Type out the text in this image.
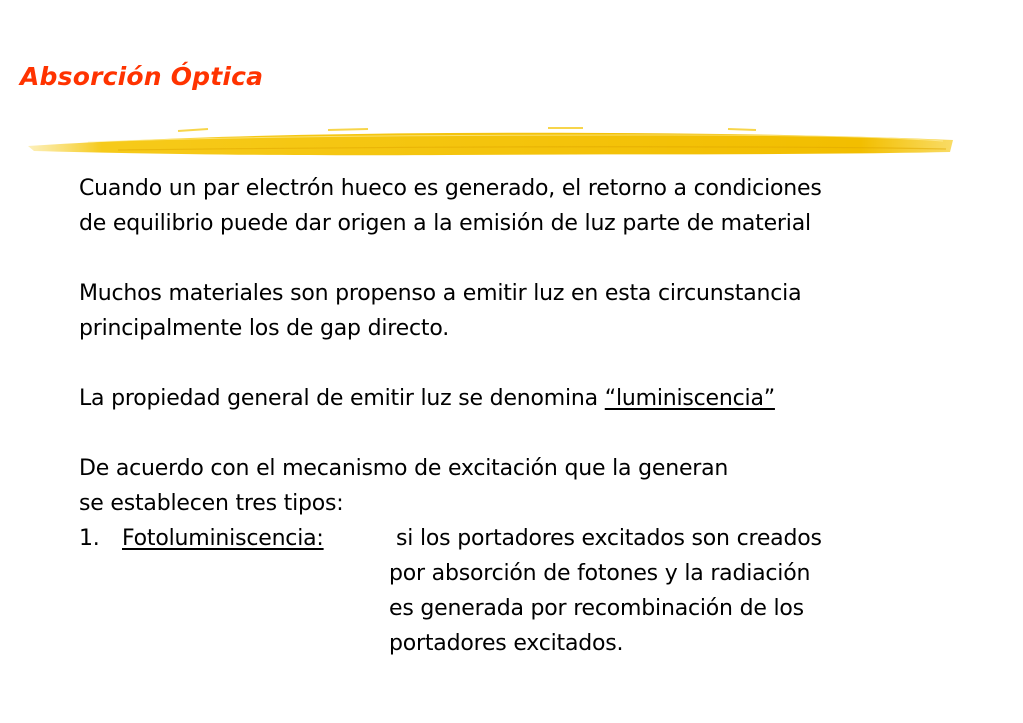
Absorción Óptica
Cuando un par electrón hueco es generado, el retorno a condiciones
de equilibrio puede dar origen a la emisión de luz parte de material
Muchos materiales son propenso a emitir luz en esta circunstancia
principalmente los de gap directo.
La propiedad general de emitir luz se denomina “luminiscencia”
De acuerdo con el mecanismo de excitación que la generan
se establecen tres tipos:
1. Fotoluminiscencia:	si los portadores excitados son creados
por absorción de fotones y la radiación
es generada por recombinación de los
portadores excitados.
